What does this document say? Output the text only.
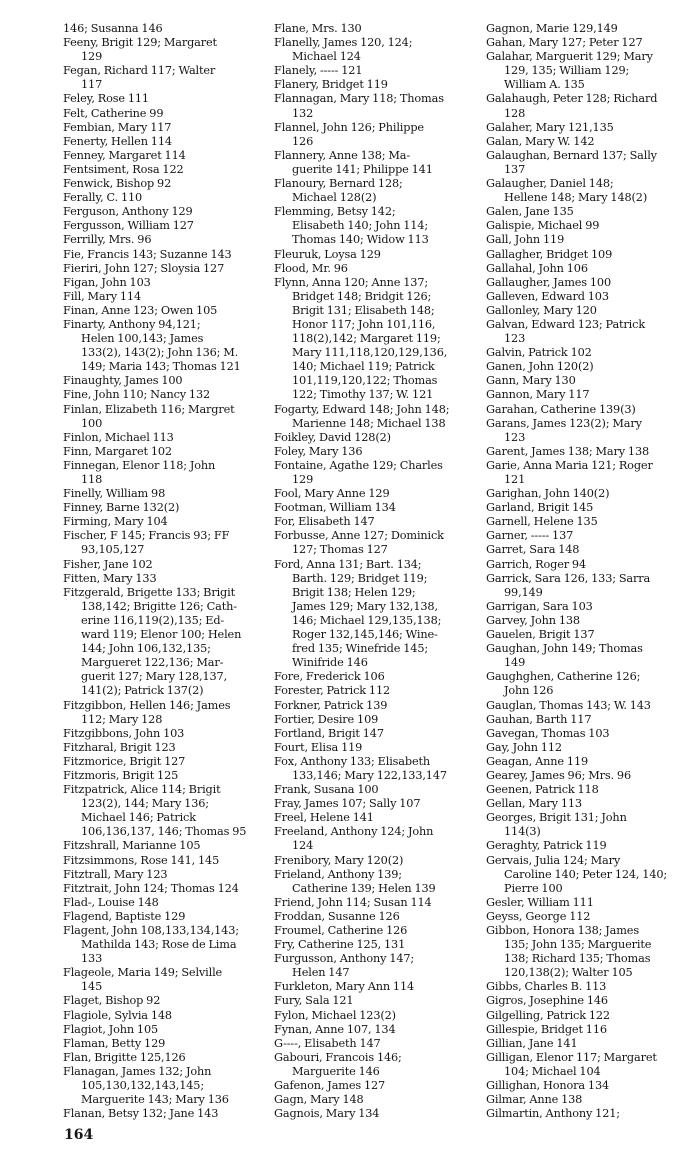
146; Susanna 146
Feeny, Brigit 129; Margaret
129
Fegan, Richard 117; Walter
117
Feley, Rose 111
Felt, Catherine 99
Fembian, Mary 117
Fenerty, Hellen 114
Fenney, Margaret 114
Fentsiment, Rosa 122
Fenwick, Bishop 92
Ferally, C. 110
Ferguson, Anthony 129
Fergusson, William 127
Ferrilly, Mrs. 96
Fie, Francis 143; Suzanne 143
Fieriri, John 127; Sloysia 127
Figan, John 103
Fill, Mary 114
Finan, Anne 123; Owen 105
Finarty, Anthony 94,121;
Helen 100,143; James
133(2), 143(2); John 136; M.
149; Maria 143; Thomas 121
Finaughty, James 100
Fine, John 110; Nancy 132
Finlan, Elizabeth 116; Margret
100
Finlon, Michael 113
Finn, Margaret 102
Finnegan, Elenor 118; John
118
Finelly, William 98
Finney, Barne 132(2)
Firming, Mary 104
Fischer, F 145; Francis 93; FF
93,105,127
Fisher, Jane 102
Fitten, Mary 133
Fitzgerald, Brigette 133; Brigit
138,142; Brigitte 126; Cath-
erine 116,119(2),135; Ed-
ward 119; Elenor 100; Helen
144; John 106,132,135;
Margueret 122,136; Mar-
guerit 127; Mary 128,137,
141(2); Patrick 137(2)
Fitzgibbon, Hellen 146; James
112; Mary 128
Fitzgibbons, John 103
Fitzharal, Brigit 123
Fitzmorice, Brigit 127
Fitzmoris, Brigit 125
Fitzpatrick, Alice 114; Brigit
123(2), 144; Mary 136;
Michael 146; Patrick
106,136,137, 146; Thomas 95
Fitzshrall, Marianne 105
Fitzsimmons, Rose 141, 145
Fitztrall, Mary 123
Fitztrait, John 124; Thomas 124
Flad-, Louise 148
Flagend, Baptiste 129
Flagent, John 108,133,134,143;
Mathilda 143; Rose de Lima
133
Flageole, Maria 149; Selville
145
Flaget, Bishop 92
Flagiole, Sylvia 148
Flagiot, John 105
Flaman, Betty 129
Flan, Brigitte 125,126
Flanagan, James 132; John
105,130,132,143,145;
Marguerite 143; Mary 136
Flanan, Betsy 132; Jane 143
Flane, Mrs. 130
Flanelly, James 120, 124;
Michael 124
Flanely, ----- 121
Flanery, Bridget 119
Flannagan, Mary 118; Thomas
132
Flannel, John 126; Philippe
126
Flannery, Anne 138; Ma-
guerite 141; Philippe 141
Flanoury, Bernard 128;
Michael 128(2)
Flemming, Betsy 142;
Elisabeth 140; John 114;
Thomas 140; Widow 113
Fleuruk, Loysa 129
Flood, Mr. 96
Flynn, Anna 120; Anne 137;
Bridget 148; Bridgit 126;
Brigit 131; Elisabeth 148;
Honor 117; John 101,116,
118(2),142; Margaret 119;
Mary 111,118,120,129,136,
140; Michael 119; Patrick
101,119,120,122; Thomas
122; Timothy 137; W. 121
Fogarty, Edward 148; John 148;
Marienne 148; Michael 138
Foikley, David 128(2)
Foley, Mary 136
Fontaine, Agathe 129; Charles
129
Fool, Mary Anne 129
Footman, William 134
For, Elisabeth 147
Forbusse, Anne 127; Dominick
127; Thomas 127
Ford, Anna 131; Bart. 134;
Barth. 129; Bridget 119;
Brigit 138; Helen 129;
James 129; Mary 132,138,
146; Michael 129,135,138;
Roger 132,145,146; Wine-
fred 135; Winefride 145;
Winifride 146
Fore, Frederick 106
Forester, Patrick 112
Forkner, Patrick 139
Fortier, Desire 109
Fortland, Brigit 147
Fourt, Elisa 119
Fox, Anthony 133; Elisabeth
133,146; Mary 122,133,147
Frank, Susana 100
Fray, James 107; Sally 107
Freel, Helene 141
Freeland, Anthony 124; John
124
Frenibory, Mary 120(2)
Frieland, Anthony 139;
Catherine 139; Helen 139
Friend, John 114; Susan 114
Froddan, Susanne 126
Froumel, Catherine 126
Fry, Catherine 125, 131
Furgusson, Anthony 147;
Helen 147
Furkleton, Mary Ann 114
Fury, Sala 121
Fylon, Michael 123(2)
Fynan, Anne 107, 134
G----, Elisabeth 147
Gabouri, Francois 146;
Marguerite 146
Gafenon, James 127
Gagn, Mary 148
Gagnois, Mary 134
Gagnon, Marie 129,149
Gahan, Mary 127; Peter 127
Galahar, Marguerit 129; Mary
129, 135; William 129;
William A. 135
Galahaugh, Peter 128; Richard
128
Galaher, Mary 121,135
Galan, Mary W. 142
Galaughan, Bernard 137; Sally
137
Galaugher, Daniel 148;
Hellene 148; Mary 148(2)
Galen, Jane 135
Galispie, Michael 99
Gall, John 119
Gallagher, Bridget 109
Gallahal, John 106
Gallaugher, James 100
Galleven, Edward 103
Gallonley, Mary 120
Galvan, Edward 123; Patrick
123
Galvin, Patrick 102
Ganen, John 120(2)
Gann, Mary 130
Gannon, Mary 117
Garahan, Catherine 139(3)
Garans, James 123(2); Mary
123
Garent, James 138; Mary 138
Garie, Anna Maria 121; Roger
121
Garighan, John 140(2)
Garland, Brigit 145
Garnell, Helene 135
Garner, ----- 137
Garret, Sara 148
Garrich, Roger 94
Garrick, Sara 126, 133; Sarra
99,149
Garrigan, Sara 103
Garvey, John 138
Gauelen, Brigit 137
Gaughan, John 149; Thomas
149
Gaughghen, Catherine 126;
John 126
Gauglan, Thomas 143; W. 143
Gauhan, Barth 117
Gavegan, Thomas 103
Gay, John 112
Geagan, Anne 119
Gearey, James 96; Mrs. 96
Geenen, Patrick 118
Gellan, Mary 113
Georges, Brigit 131; John
114(3)
Geraghty, Patrick 119
Gervais, Julia 124; Mary
Caroline 140; Peter 124, 140;
Pierre 100
Gesler, William 111
Geyss, George 112
Gibbon, Honora 138; James
135; John 135; Marguerite
138; Richard 135; Thomas
120,138(2); Walter 105
Gibbs, Charles B. 113
Gigros, Josephine 146
Gilgelling, Patrick 122
Gillespie, Bridget 116
Gillian, Jane 141
Gilligan, Elenor 117; Margaret
104; Michael 104
Gillighan, Honora 134
Gilmar, Anne 138
Gilmartin, Anthony 121;
164
